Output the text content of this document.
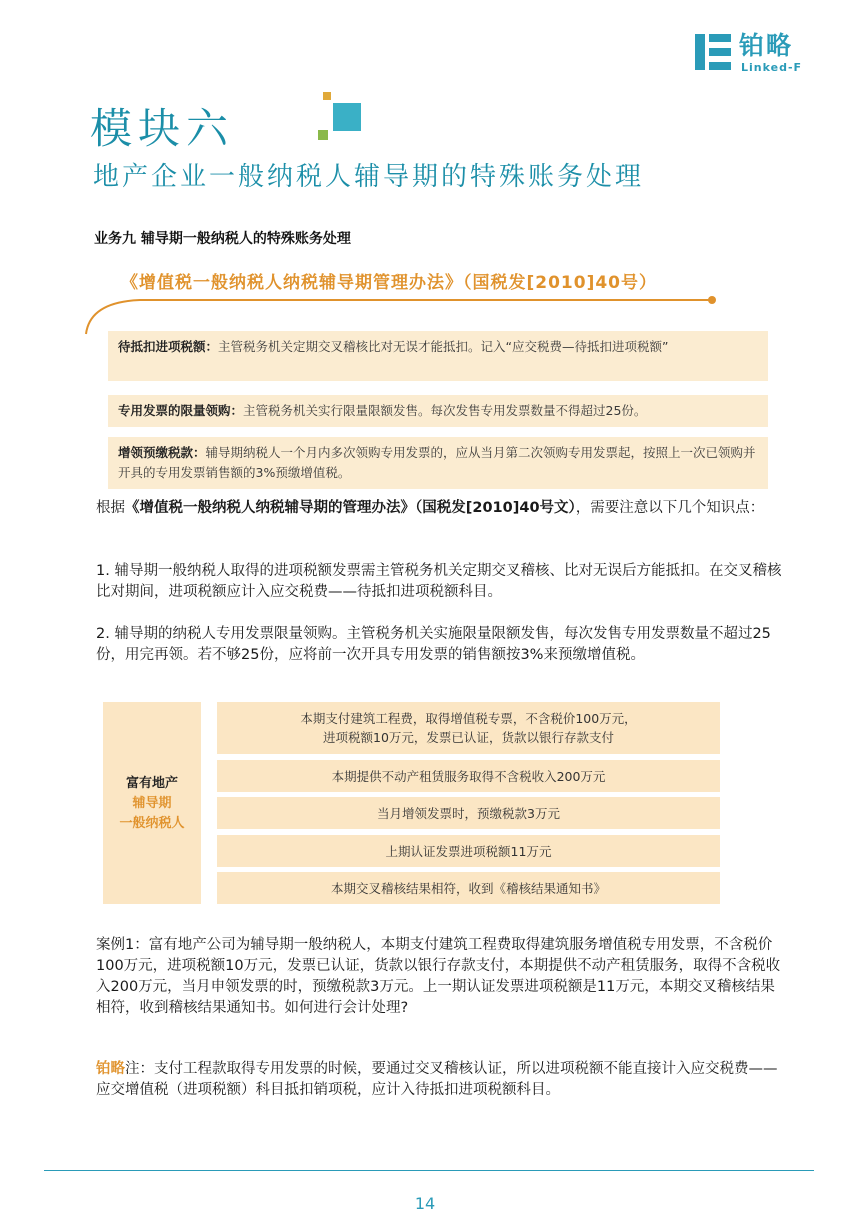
铂略
Linked-F
模块六
地产企业一般纳税人辅导期的特殊账务处理
业务九 辅导期一般纳税人的特殊账务处理
《增值税一般纳税人纳税辅导期管理办法》（国税发[2010]40号）
待抵扣进项税额：主管税务机关定期交叉稽核比对无误才能抵扣。记入“应交税费—待抵扣进项税额”
专用发票的限量领购：主管税务机关实行限量限额发售。每次发售专用发票数量不得超过25份。
增领预缴税款：辅导期纳税人一个月内多次领购专用发票的，应从当月第二次领购专用发票起，按照上一次已领购并开具的专用发票销售额的3%预缴增值税。
根据《增值税一般纳税人纳税辅导期的管理办法》（国税发[2010]40号文），需要注意以下几个知识点：
1. 辅导期一般纳税人取得的进项税额发票需主管税务机关定期交叉稽核、比对无误后方能抵扣。在交叉稽核比对期间，进项税额应计入应交税费——待抵扣进项税额科目。
2. 辅导期的纳税人专用发票限量领购。主管税务机关实施限量限额发售，每次发售专用发票数量不超过25份，用完再领。若不够25份，应将前一次开具专用发票的销售额按3%来预缴增值税。
富有地产
辅导期
一般纳税人
本期支付建筑工程费，取得增值税专票，不含税价100万元，
进项税额10万元，发票已认证，货款以银行存款支付
本期提供不动产租赁服务取得不含税收入200万元
当月增领发票时，预缴税款3万元
上期认证发票进项税额11万元
本期交叉稽核结果相符，收到《稽核结果通知书》
案例1：富有地产公司为辅导期一般纳税人，本期支付建筑工程费取得建筑服务增值税专用发票，不含税价100万元，进项税额10万元，发票已认证，货款以银行存款支付，本期提供不动产租赁服务，取得不含税收入200万元，当月申领发票的时，预缴税款3万元。上一期认证发票进项税额是11万元，本期交叉稽核结果相符，收到稽核结果通知书。如何进行会计处理?
铂略注：支付工程款取得专用发票的时候，要通过交叉稽核认证，所以进项税额不能直接计入应交税费——应交增值税（进项税额）科目抵扣销项税，应计入待抵扣进项税额科目。
14
